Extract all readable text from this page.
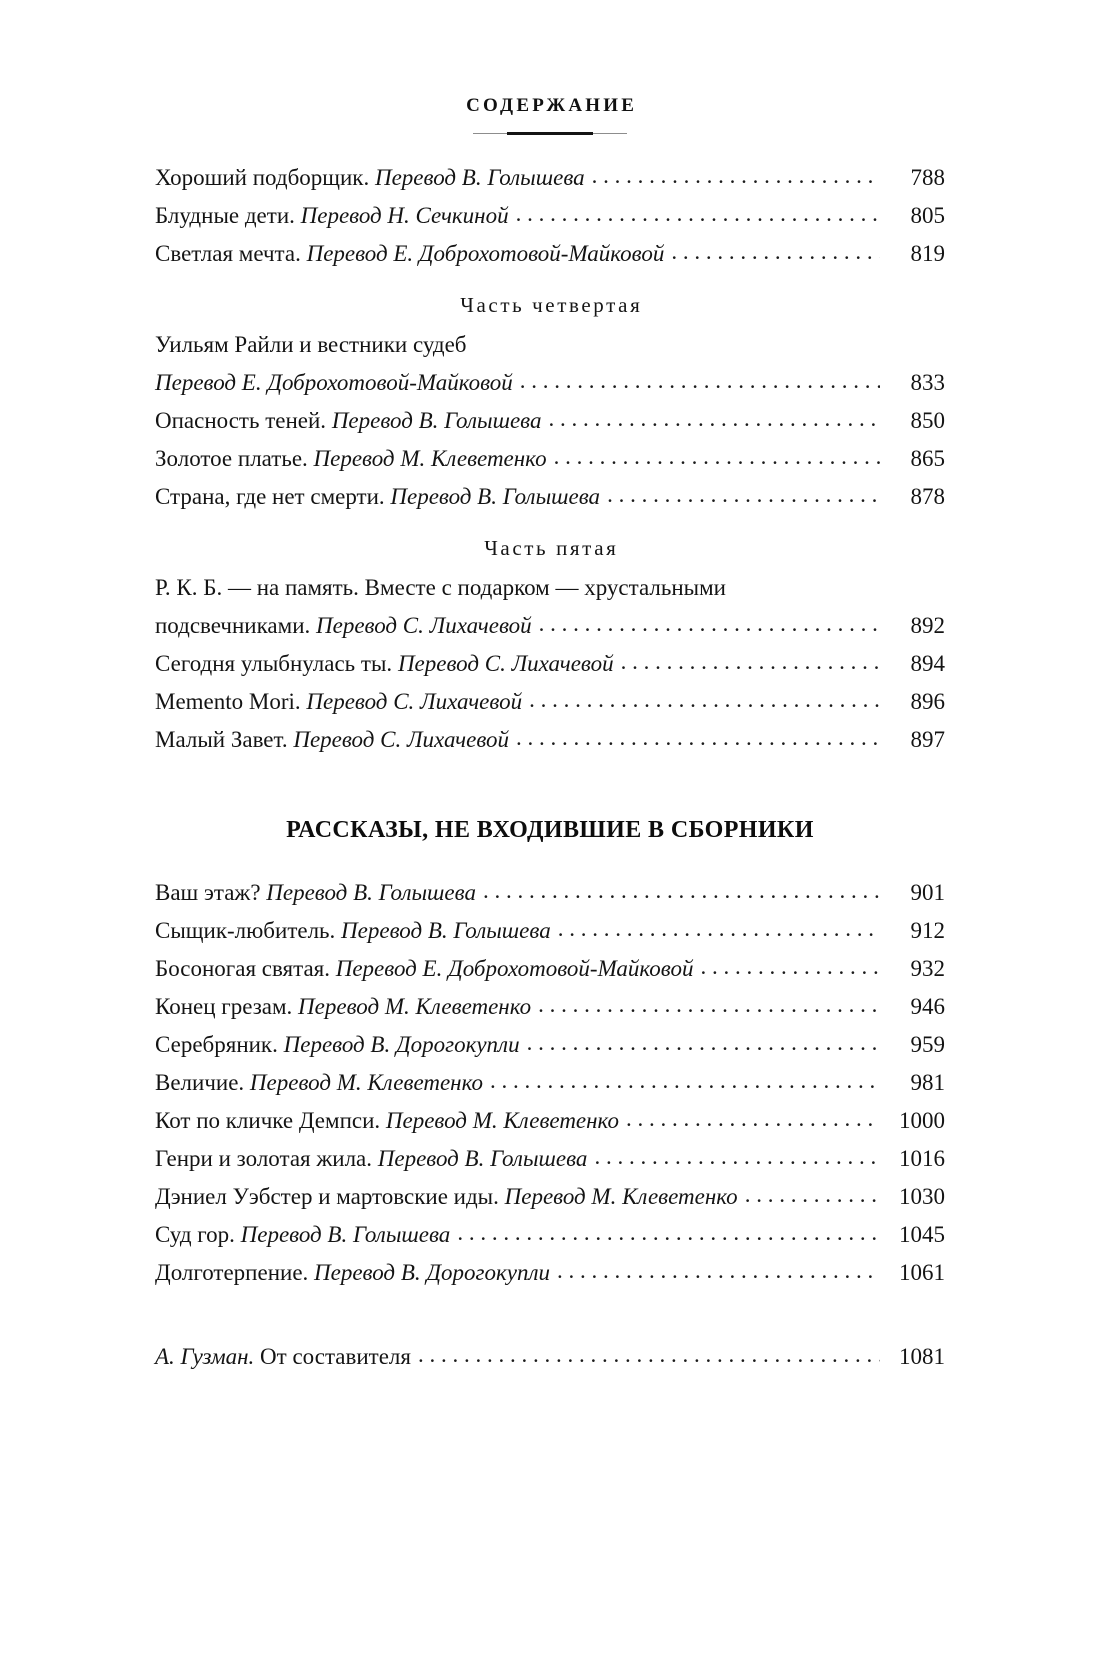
СОДЕРЖАНИЕ
Хороший подборщик. Перевод В. Голышева . . .	788
Блудные дети. Перевод Н. Сечкиной . . .	805
Светлая мечта. Перевод Е. Доброхотовой-Майковой . . .	819
Часть четвертая
Уильям Райли и вестники судеб
Перевод Е. Доброхотовой-Майковой . . .	833
Опасность теней. Перевод В. Голышева . . .	850
Золотое платье. Перевод М. Клеветенко . . .	865
Страна, где нет смерти. Перевод В. Голышева . . .	878
Часть пятая
Р. К. Б. — на память. Вместе с подарком — хрустальными
подсвечниками. Перевод С. Лихачевой . . .	892
Сегодня улыбнулась ты. Перевод С. Лихачевой . . .	894
Memento Mori. Перевод С. Лихачевой . . .	896
Малый Завет. Перевод С. Лихачевой . . .	897
РАССКАЗЫ, НЕ ВХОДИВШИЕ В СБОРНИКИ
Ваш этаж? Перевод В. Голышева . . .	901
Сыщик-любитель. Перевод В. Голышева . . .	912
Босоногая святая. Перевод Е. Доброхотовой-Майковой . . .	932
Конец грезам. Перевод М. Клеветенко . . .	946
Серебряник. Перевод В. Дорогокупли . . .	959
Величие. Перевод М. Клеветенко . . .	981
Кот по кличке Демпси. Перевод М. Клеветенко . . .	1000
Генри и золотая жила. Перевод В. Голышева . . .	1016
Дэниел Уэбстер и мартовские иды. Перевод М. Клеветенко . . .	1030
Суд гор. Перевод В. Голышева . . .	1045
Долготерпение. Перевод В. Дорогокупли . . .	1061
А. Гузман. От составителя . . .	1081
